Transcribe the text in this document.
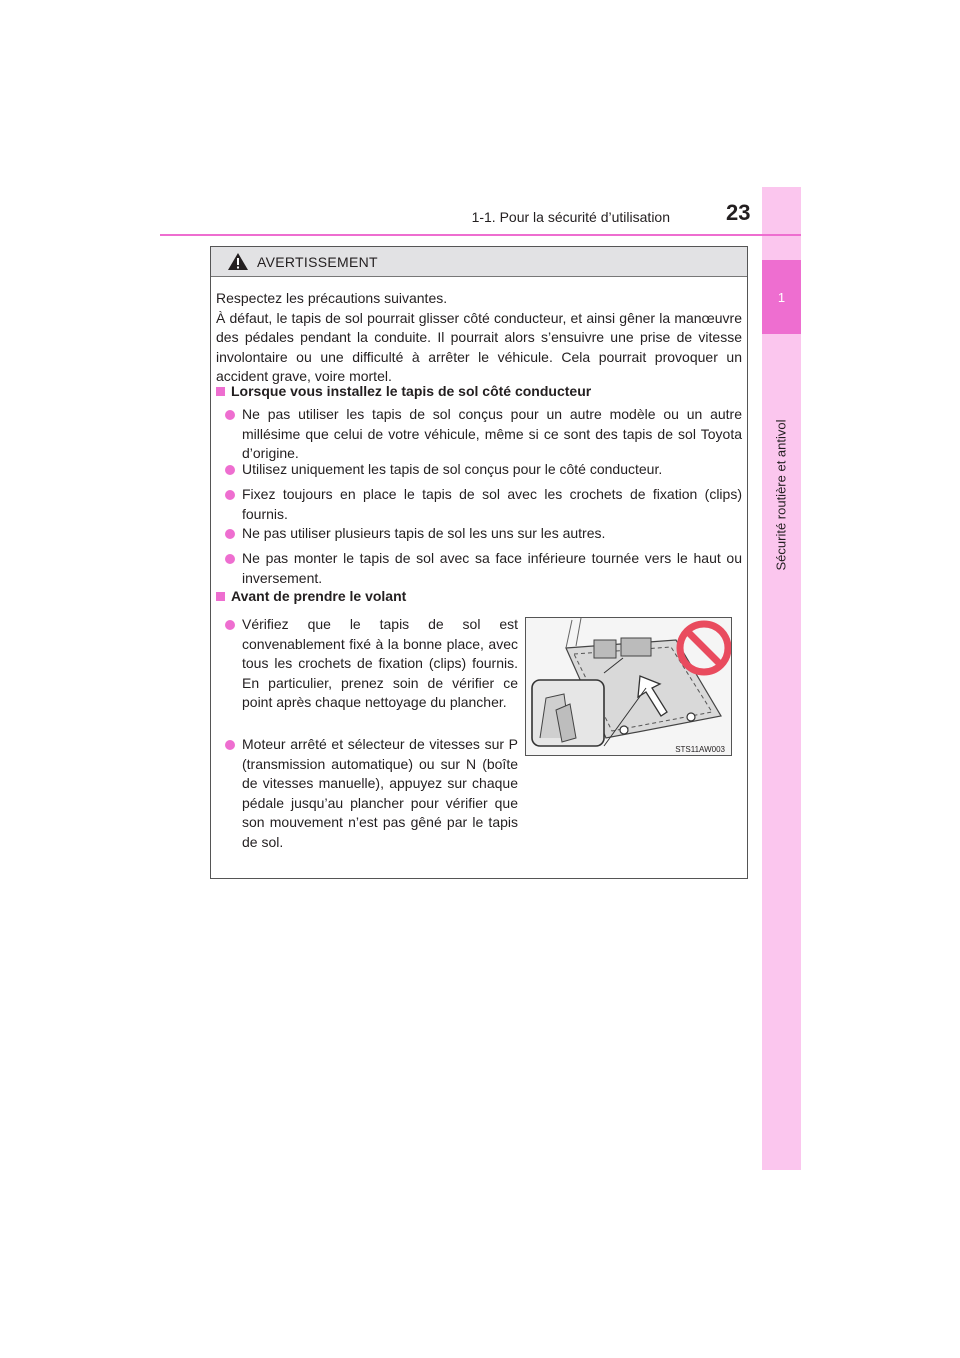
1
Sécurité routière et antivol
1-1. Pour la sécurité d’utilisation	23
AVERTISSEMENT
Respectez les précautions suivantes.
À défaut, le tapis de sol pourrait glisser côté conducteur, et ainsi gêner la manœuvre des pédales pendant la conduite. Il pourrait alors s’ensuivre une prise de vitesse involontaire ou une difficulté à arrêter le véhicule. Cela pourrait provoquer un accident grave, voire mortel.
Lorsque vous installez le tapis de sol côté conducteur
Ne pas utiliser les tapis de sol conçus pour un autre modèle ou un autre millésime que celui de votre véhicule, même si ce sont des tapis de sol Toyota d’origine.
Utilisez uniquement les tapis de sol conçus pour le côté conducteur.
Fixez toujours en place le tapis de sol avec les crochets de fixation (clips) fournis.
Ne pas utiliser plusieurs tapis de sol les uns sur les autres.
Ne pas monter le tapis de sol avec sa face inférieure tournée vers le haut ou inversement.
Avant de prendre le volant
Vérifiez que le tapis de sol est convenablement fixé à la bonne place, avec tous les crochets de fixation (clips) fournis. En particulier, prenez soin de vérifier ce point après chaque nettoyage du plancher.
Moteur arrêté et sélecteur de vitesses sur P (transmission automatique) ou sur N (boîte de vitesses manuelle), appuyez sur chaque pédale jusqu’au plancher pour vérifier que son mouvement n’est pas gêné par le tapis de sol.
STS11AW003
